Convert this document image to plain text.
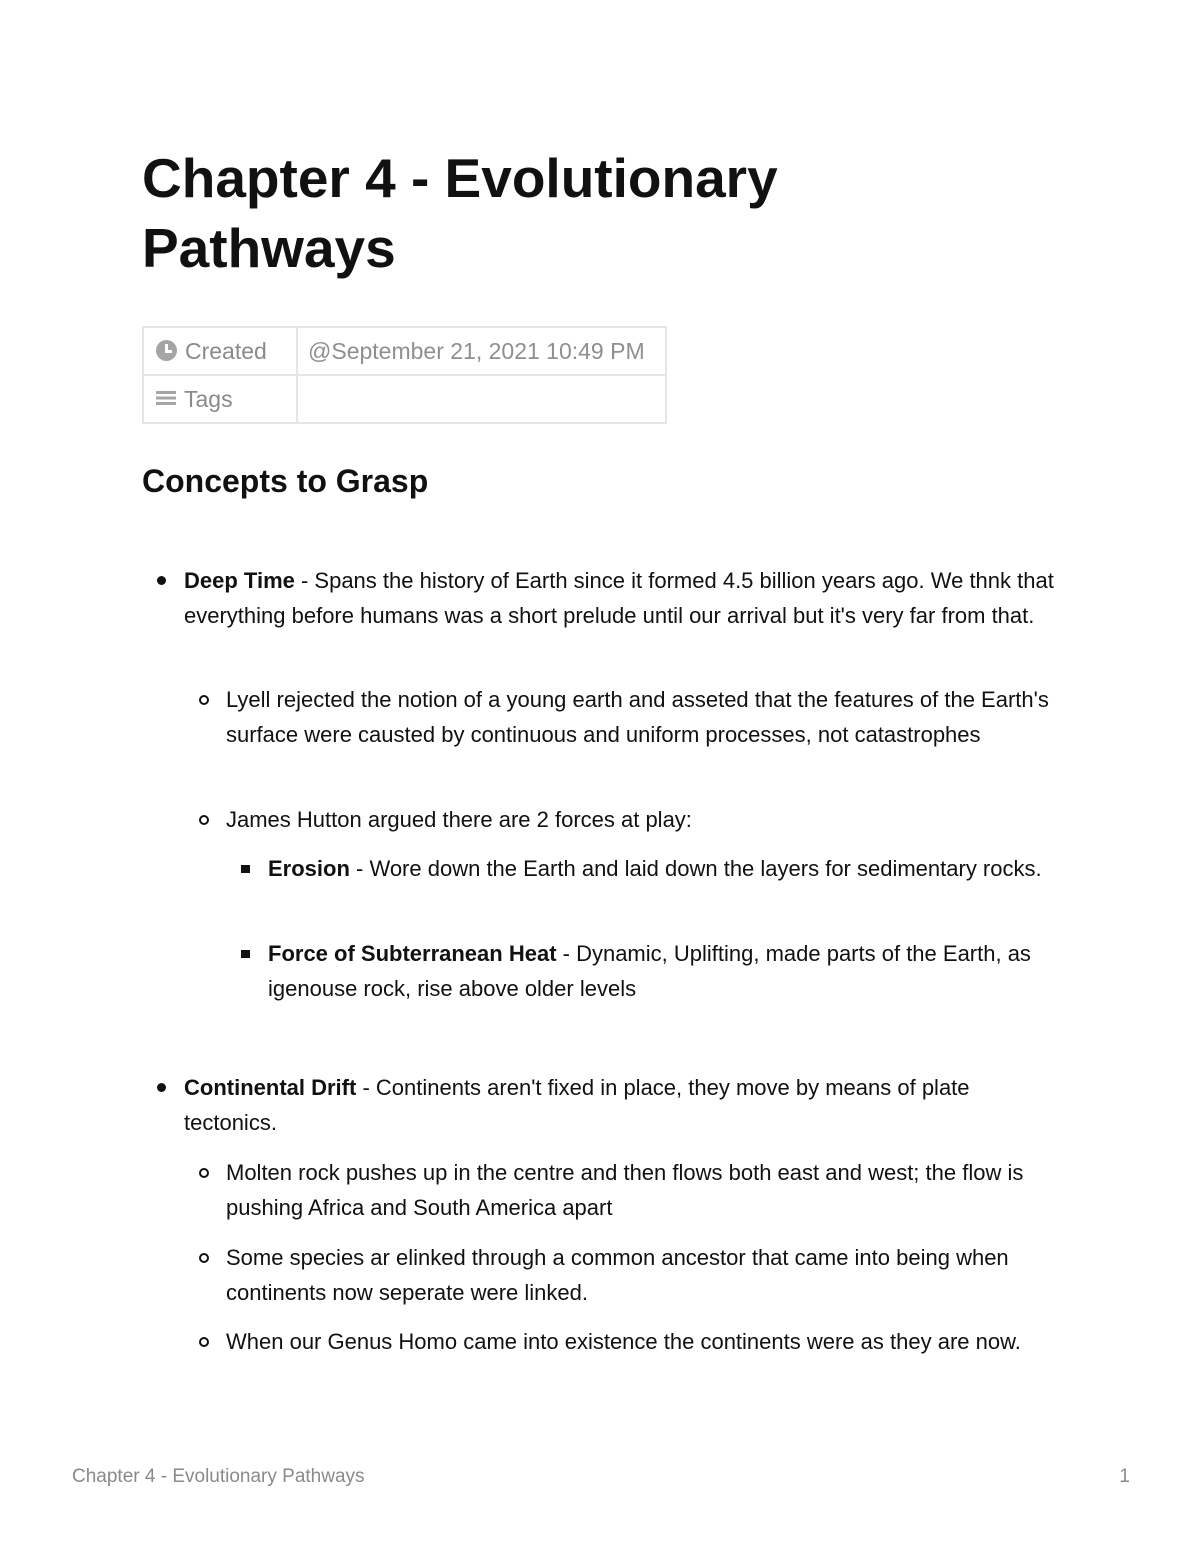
Chapter 4 - Evolutionary Pathways
Created	@September 21, 2021 10:49 PM
Tags	
Concepts to Grasp
Deep Time - Spans the history of Earth since it formed 4.5 billion years ago. We thnk that everything before humans was a short prelude until our arrival but it's very far from that.
Lyell rejected the notion of a young earth and asseted that the features of the Earth's surface were causted by continuous and uniform processes, not catastrophes
James Hutton argued there are 2 forces at play:
Erosion - Wore down the Earth and laid down the layers for sedimentary rocks.
Force of Subterranean Heat - Dynamic, Uplifting, made parts of the Earth, as igenouse rock, rise above older levels
Continental Drift - Continents aren't fixed in place, they move by means of plate tectonics.
Molten rock pushes up in the centre and then flows both east and west; the flow is pushing Africa and South America apart
Some species ar elinked through a common ancestor that came into being when continents now seperate were linked.
When our Genus Homo came into existence the continents were as they are now.
Chapter 4 - Evolutionary Pathways	1
